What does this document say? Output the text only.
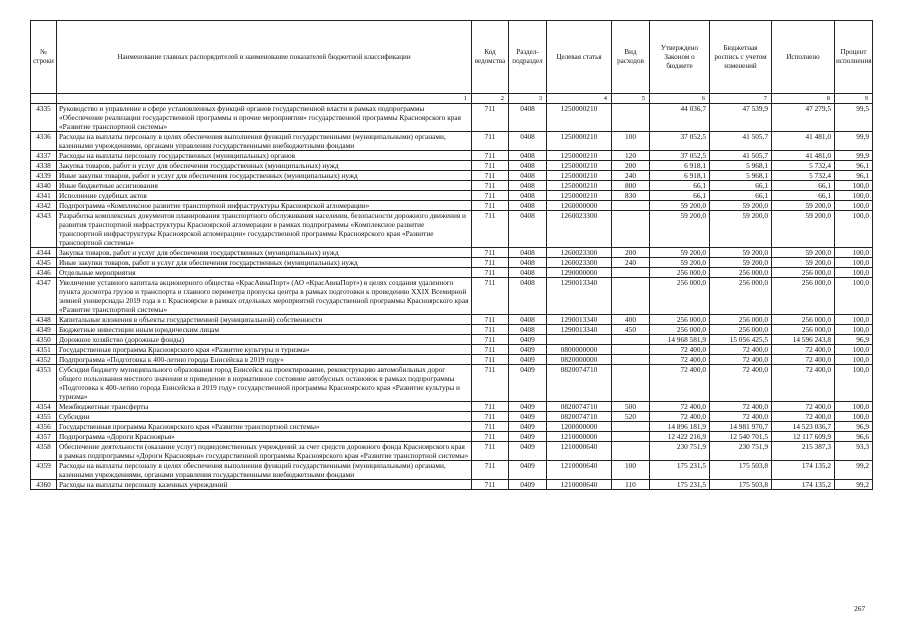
№ строки	Наименование главных распорядителей и наименование показателей бюджетной классификации	Код ведомства	Раздел-подраздел	Целевая статья	Вид расходов	Утверждено Законом о бюджете	Бюджетная роспись с учетом изменений	Исполнено	Процент исполнения
	1	2	3	4	5	6	7	8	9
4335	Руководство и управление в сфере установленных функций органов государственной власти в рамках подпрограммы «Обеспечение реализации государственной программы и прочие мероприятия» государственной программы Красноярского края «Развитие транспортной системы»	711	0408	1250000210		44 036,7	47 539,9	47 279,5	99,5
4336	Расходы на выплаты персоналу в целях обеспечения выполнения функций государственными (муниципальными) органами, казенными учреждениями, органами управления государственными внебюджетными фондами	711	0408	1250000210	100	37 052,5	41 505,7	41 481,0	99,9
4337	Расходы на выплаты персоналу государственных (муниципальных) органов	711	0408	1250000210	120	37 052,5	41 505,7	41 481,0	99,9
4338	Закупка товаров, работ и услуг для обеспечения государственных (муниципальных) нужд	711	0408	1250000210	200	6 918,1	5 968,1	5 732,4	96,1
4339	Иные закупки товаров, работ и услуг для обеспечения государственных (муниципальных) нужд	711	0408	1250000210	240	6 918,1	5 968,1	5 732,4	96,1
4340	Иные бюджетные ассигнования	711	0408	1250000210	800	66,1	66,1	66,1	100,0
4341	Исполнение судебных актов	711	0408	1250000210	830	66,1	66,1	66,1	100,0
4342	Подпрограмма «Комплексное развитие транспортной инфраструктуры Красноярской агломерации»	711	0408	1260000000		59 200,0	59 200,0	59 200,0	100,0
4343	Разработка комплексных документов планирования транспортного обслуживания населения, безопасности дорожного движения и развития транспортной инфраструктуры Красноярской агломерации в рамках подпрограммы «Комплексное развитие транспортной инфраструктуры Красноярской агломерации» государственной программы Красноярского края «Развитие транспортной системы»	711	0408	1260023300		59 200,0	59 200,0	59 200,0	100,0
4344	Закупка товаров, работ и услуг для обеспечения государственных (муниципальных) нужд	711	0408	1260023300	200	59 200,0	59 200,0	59 200,0	100,0
4345	Иные закупки товаров, работ и услуг для обеспечения государственных (муниципальных) нужд	711	0408	1260023300	240	59 200,0	59 200,0	59 200,0	100,0
4346	Отдельные мероприятия	711	0408	1290000000		256 000,0	256 000,0	256 000,0	100,0
4347	Увеличение уставного капитала акционерного общества «КрасАвиаПорт» (АО «КрасАвиаПорт») в целях создания удаленного пункта досмотра грузов и транспорта и главного периметра пропуска центра в рамках подготовки к проведению XXIX Всемирной зимней универсиады 2019 года в г. Красноярске в рамках отдельных мероприятий государственной программы Красноярского края «Развитие транспортной системы»	711	0408	1290013340		256 000,0	256 000,0	256 000,0	100,0
4348	Капитальные вложения в объекты государственной (муниципальной) собственности	711	0408	1290013340	400	256 000,0	256 000,0	256 000,0	100,0
4349	Бюджетные инвестиции иным юридическим лицам	711	0408	1290013340	450	256 000,0	256 000,0	256 000,0	100,0
4350	Дорожное хозяйство (дорожные фонды)	711	0409			14 968 581,9	15 056 425,5	14 596 243,8	96,9
4351	Государственная программа Красноярского края «Развитие культуры и туризма»	711	0409	0800000000		72 400,0	72 400,0	72 400,0	100,0
4352	Подпрограмма «Подготовка к 400-летию города Енисейска в 2019 году»	711	0409	0820000000		72 400,0	72 400,0	72 400,0	100,0
4353	Субсидия бюджету муниципального образования город Енисейск на проектирование, реконструкцию автомобильных дорог общего пользования местного значения и приведение в нормативное состояние автобусных остановок в рамках подпрограммы «Подготовка к 400-летию города Енисейска в 2019 году» государственной программы Красноярского края «Развитие культуры и туризма»	711	0409	0820074710		72 400,0	72 400,0	72 400,0	100,0
4354	Межбюджетные трансферты	711	0409	0820074710	500	72 400,0	72 400,0	72 400,0	100,0
4355	Субсидии	711	0409	0820074710	520	72 400,0	72 400,0	72 400,0	100,0
4356	Государственная программа Красноярского края «Развитие транспортной системы»	711	0409	1200000000		14 896 181,9	14 981 970,7	14 523 036,7	96,9
4357	Подпрограмма «Дороги Красноярья»	711	0409	1210000000		12 422 216,9	12 540 701,5	12 117 609,9	96,6
4358	Обеспечение деятельности (оказание услуг) подведомственных учреждений за счет средств дорожного фонда Красноярского края в рамках подпрограммы «Дороги Красноярья» государственной программы Красноярского края «Развитие транспортной системы»	711	0409	1210000640		230 751,9	230 751,9	215 387,3	93,3
4359	Расходы на выплаты персоналу в целях обеспечения выполнения функций государственными (муниципальными) органами, казенными учреждениями, органами управления государственными внебюджетными фондами	711	0409	1210000640	100	175 231,5	175 503,8	174 135,2	99,2
4360	Расходы на выплаты персоналу казенных учреждений	711	0409	1210000640	110	175 231,5	175 503,8	174 135,2	99,2
267
